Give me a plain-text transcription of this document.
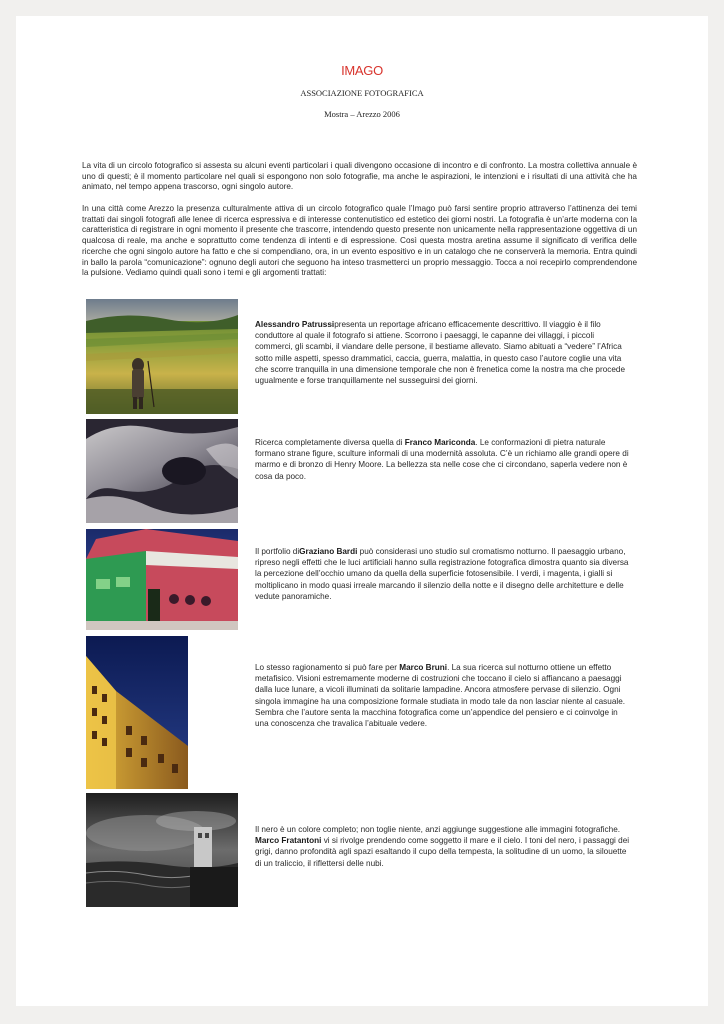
IMAGO
ASSOCIAZIONE FOTOGRAFICA
Mostra – Arezzo 2006

La vita di un circolo fotografico si assesta su alcuni eventi particolari i quali divengono occasione di incontro e di confronto. La mostra collettiva annuale è uno di questi; è il momento particolare nel quali si espongono non solo fotografie, ma anche le aspirazioni, le intenzioni e i risultati di una attività che ha animato, nel tempo appena trascorso, ogni singolo autore.

In una città come Arezzo la presenza culturalmente attiva di un circolo fotografico quale l’Imago può farsi sentire proprio attraverso l’attinenza dei temi trattati dai singoli fotografi alle lenee di ricerca espressiva e di interesse contenutistico ed estetico dei giorni nostri. La fotografia è un’arte moderna con la caratteristica di registrare in ogni momento il presente che trascorre, intendendo questo presente non unicamente nella rappresentazione oggettiva di un qualcosa di reale, ma anche e soprattutto come tendenza di intenti e di espressione. Così questa mostra aretina assume il significato di verifica delle ricerche che ogni singolo autore ha fatto e che si compendiano, ora, in un evento espositivo e in un catalogo che ne conserverà la memoria. Entra quindi in ballo la parola “comunicazione”: ognuno degli autori che seguono ha inteso trasmetterci un proprio messaggio. Tocca a noi recepirlo comprendendone la pulsione. Vediamo quindi quali sono i temi e gli argomenti trattati:

Alessandro Patrussipresenta un reportage africano efficacemente descrittivo. Il viaggio è il filo conduttore al quale il fotografo si attiene. Scorrono i paesaggi, le capanne dei villaggi, i piccoli commerci, gli scambi, il viandare delle persone, il bestiame allevato. Siamo abituati a “vedere” l’Africa sotto mille aspetti, spesso drammatici, caccia, guerra, malattia, in questo caso l’autore coglie una vita che scorre tranquilla in una dimensione temporale che non è frenetica come la nostra ma che procede ugualmente e forse tranquillamente nel susseguirsi dei giorni.

Ricerca completamente diversa quella di Franco Mariconda. Le conformazioni di pietra naturale formano strane figure, sculture informali di una modernità assoluta. C’è un richiamo alle grandi opere di marmo e di bronzo di Henry Moore. La bellezza sta nelle cose che ci circondano, saperla vedere non è cosa da poco.

Il portfolio diGraziano Bardi può considerasi uno studio sul cromatismo notturno. Il paesaggio urbano, ripreso negli effetti che le luci artificiali hanno sulla registrazione fotografica dimostra quanto sia diversa la percezione dell’occhio umano da quella della superficie fotosensibile. I verdi, i magenta, i gialli si moltiplicano in modo quasi irreale marcando il silenzio della notte e il disegno delle architetture e delle vedute panoramiche.

Lo stesso ragionamento si può fare per Marco Bruni. La sua ricerca sul notturno ottiene un effetto metafisico. Visioni estremamente moderne di costruzioni che toccano il cielo si affiancano a paesaggi dalla luce lunare, a vicoli illuminati da solitarie lampadine. Ancora atmosfere pervase di silenzio. Ogni singola immagine ha una composizione formale studiata in modo tale da non lasciar niente al casuale. Sembra che l’autore senta la macchina fotografica come un’appendice del pensiero e ci coinvolge in una conoscenza che travalica l’abituale vedere.

Il nero è un colore completo; non toglie niente, anzi aggiunge suggestione alle immagini fotografiche. Marco Fratantoni vi si rivolge prendendo come soggetto il mare e il cielo. I toni del nero, i passaggi dei grigi, danno profondità agli spazi esaltando il cupo della tempesta, la solitudine di un uomo, la silouette di un traliccio, il riflettersi delle nubi.
